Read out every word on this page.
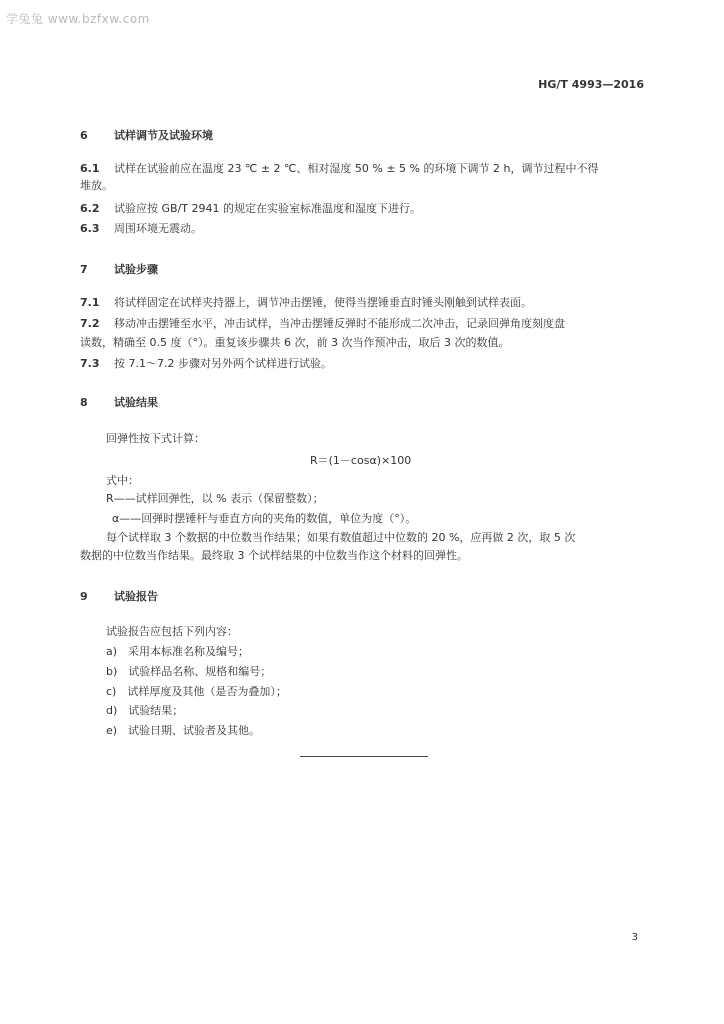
学兔兔 www.bzfxw.com
HG/T 4993—2016
6 试样调节及试验环境
6.1 试样在试验前应在温度 23 ℃ ± 2 ℃、相对湿度 50 % ± 5 % 的环境下调节 2 h，调节过程中不得
堆放。
6.2 试验应按 GB/T 2941 的规定在实验室标准温度和湿度下进行。
6.3 周围环境无震动。
7 试验步骤
7.1 将试样固定在试样夹持器上，调节冲击摆锤，使得当摆锤垂直时锤头刚触到试样表面。
7.2 移动冲击摆锤至水平，冲击试样，当冲击摆锤反弹时不能形成二次冲击，记录回弹角度刻度盘
读数，精确至 0.5 度（°）。重复该步骤共 6 次，前 3 次当作预冲击，取后 3 次的数值。
7.3 按 7.1～7.2 步骤对另外两个试样进行试验。
8 试验结果
回弹性按下式计算：
R＝(1－cosα)×100
式中：
R——试样回弹性，以 % 表示（保留整数）；
α——回弹时摆锤杆与垂直方向的夹角的数值，单位为度（°）。
每个试样取 3 个数据的中位数当作结果；如果有数值超过中位数的 20 %，应再做 2 次，取 5 次
数据的中位数当作结果。最终取 3 个试样结果的中位数当作这个材料的回弹性。
9 试验报告
试验报告应包括下列内容：
a)　采用本标准名称及编号；
b)　试验样品名称、规格和编号；
c)　试样厚度及其他（是否为叠加）；
d)　试验结果；
e)　试验日期、试验者及其他。
3
